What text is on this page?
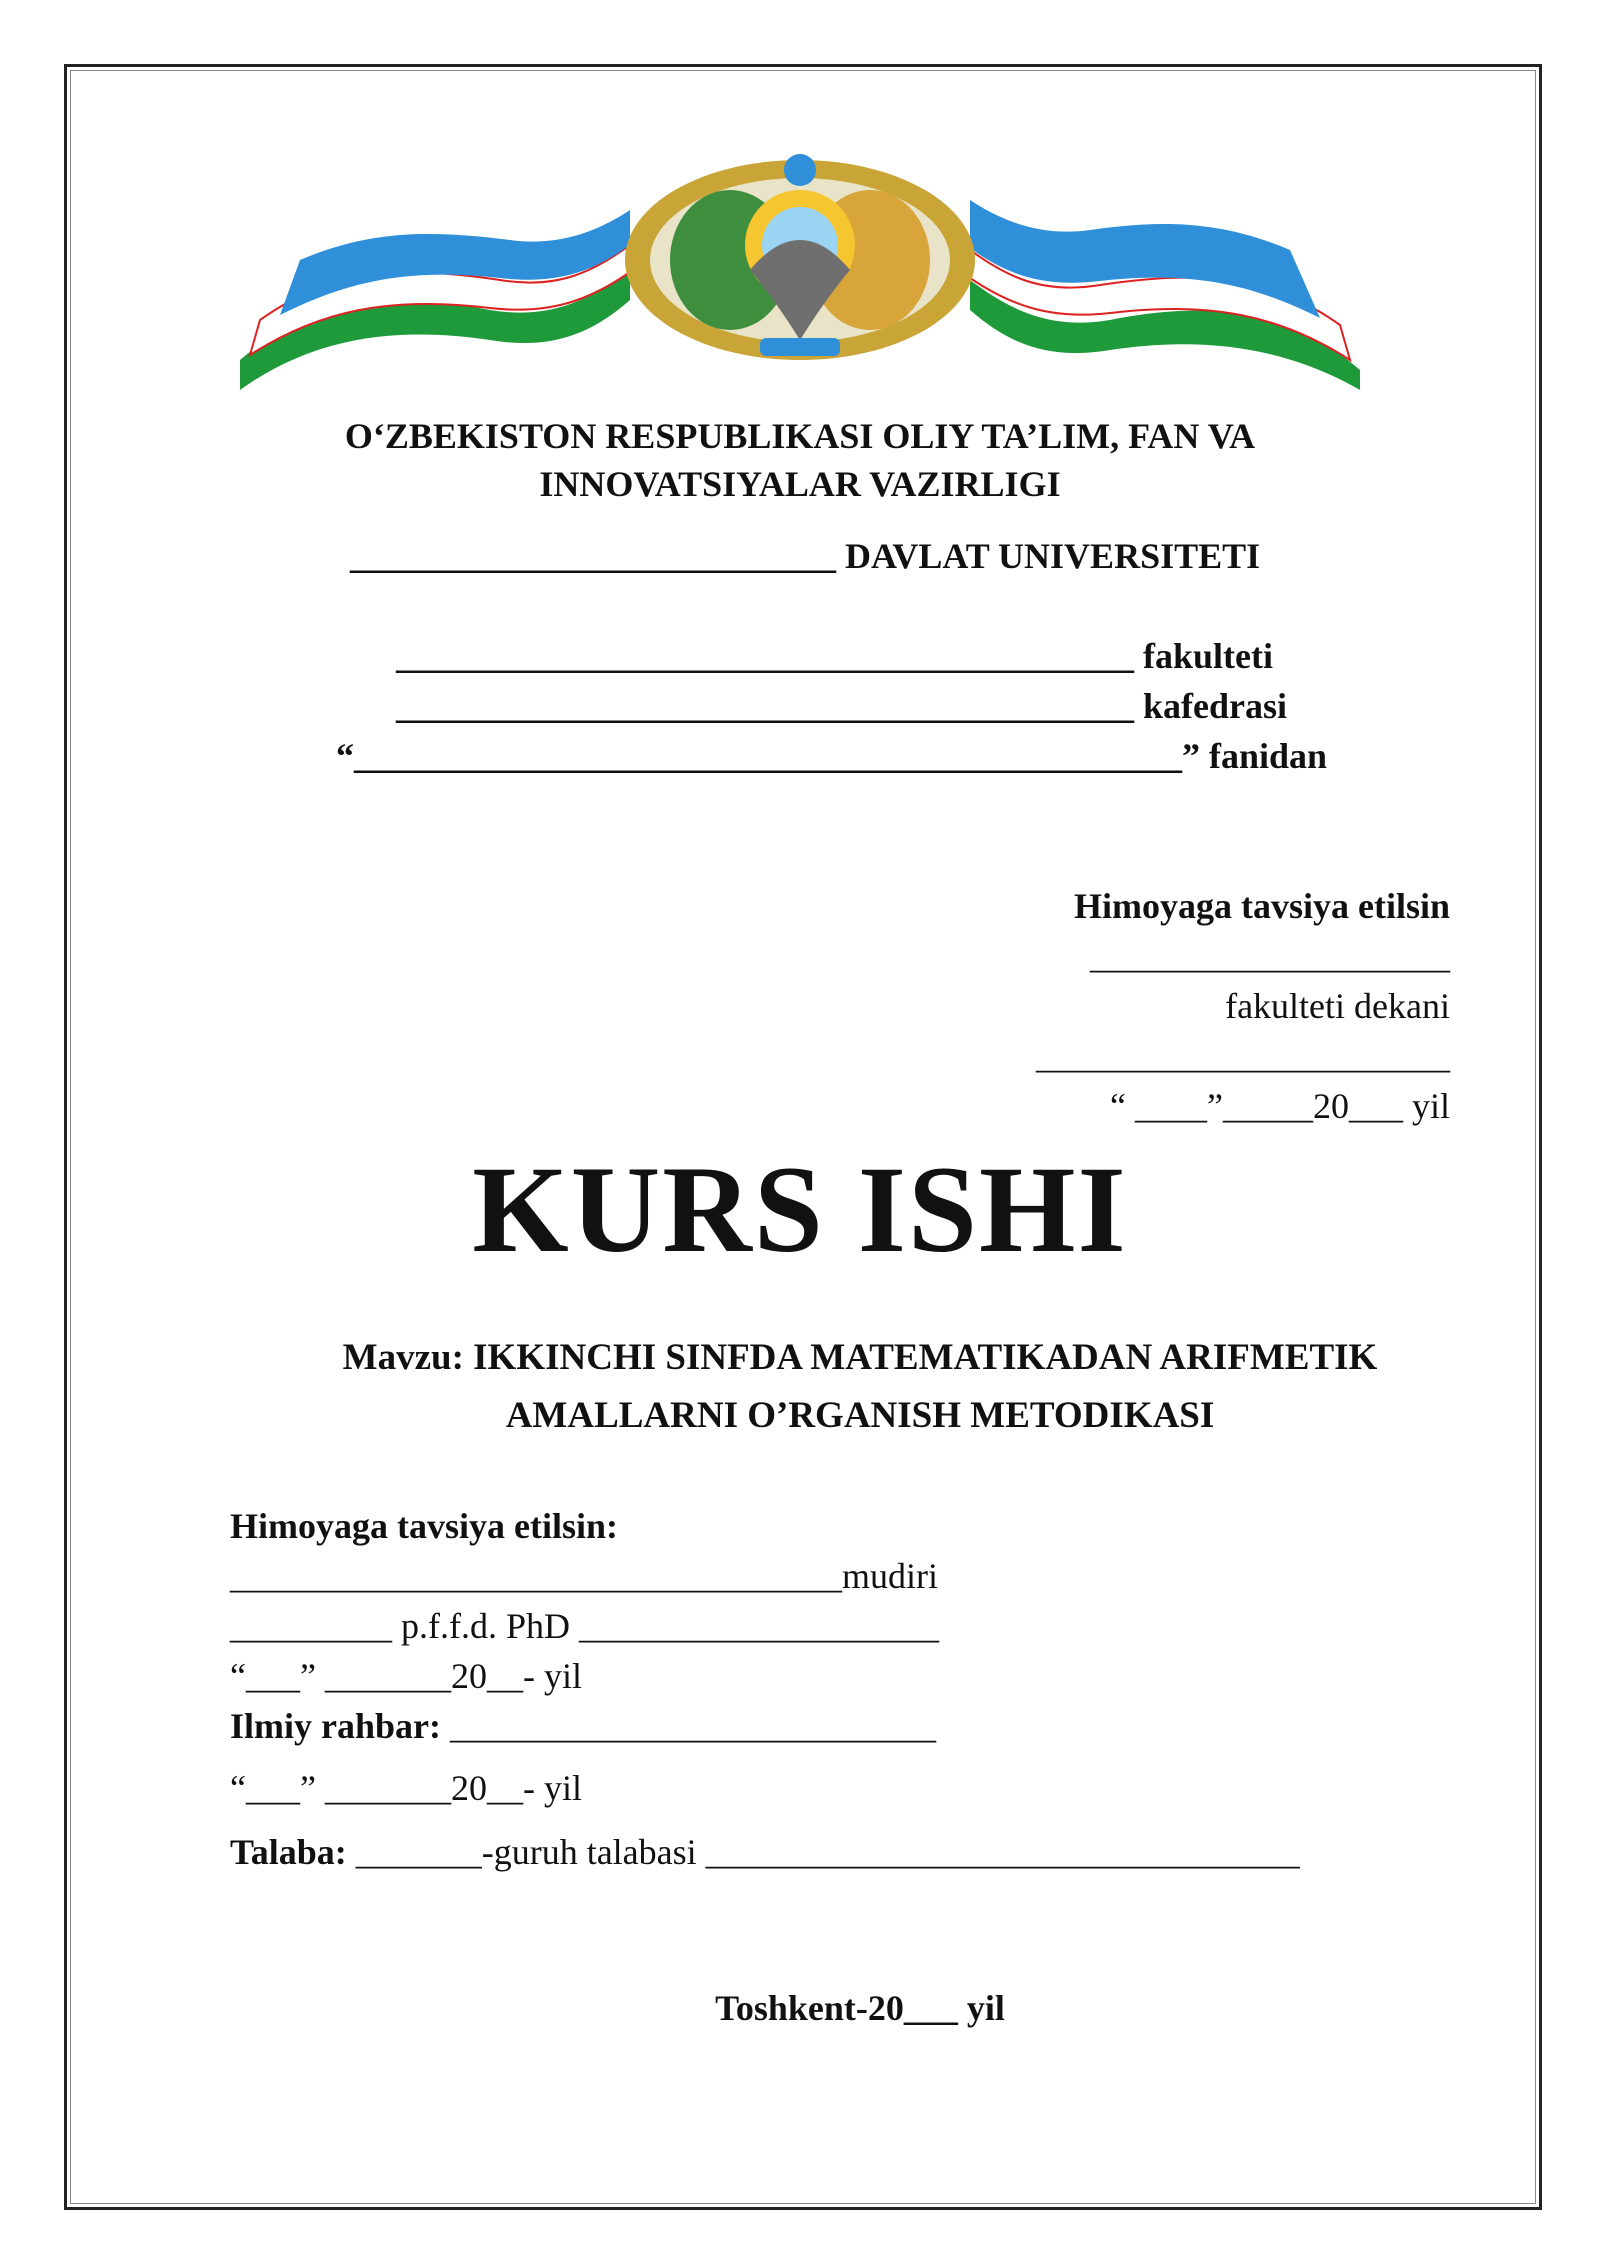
O‘ZBEKISTON RESPUBLIKASI OLIY TA’LIM, FAN VA
INNOVATSIYALAR VAZIRLIGI
___________________________ DAVLAT UNIVERSITETI
_________________________________________ fakulteti
_________________________________________ kafedrasi
“______________________________________________” fanidan
Himoyaga tavsiya etilsin
____________________
fakulteti dekani
_______________________
“ ____”_____20___ yil
KURS ISHI
Mavzu: IKKINCHI SINFDA MATEMATIKADAN ARIFMETIK
AMALLARNI O’RGANISH METODIKASI
Himoyaga tavsiya etilsin:
__________________________________mudiri
_________ p.f.f.d. PhD ____________________
“___” _______20__- yil
Ilmiy rahbar: ___________________________
“___” _______20__- yil
Talaba: _______-guruh talabasi _________________________________
Toshkent-20___ yil
